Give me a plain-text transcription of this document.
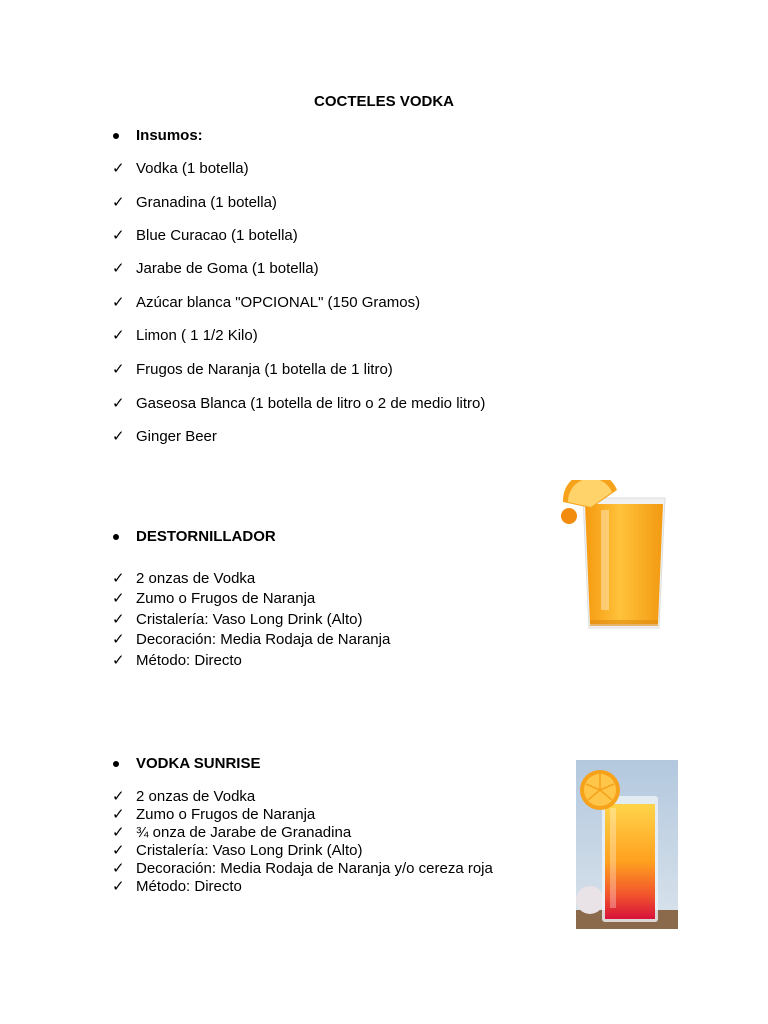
COCTELES VODKA
Insumos:
✓ Vodka (1 botella)
✓ Granadina (1 botella)
✓ Blue Curacao (1 botella)
✓ Jarabe de Goma (1 botella)
✓ Azúcar blanca "OPCIONAL" (150 Gramos)
✓ Limon ( 1 1/2 Kilo)
✓ Frugos de Naranja (1 botella de 1 litro)
✓ Gaseosa Blanca (1 botella de litro o 2 de medio litro)
✓ Ginger Beer
DESTORNILLADOR
✓ 2 onzas de Vodka
✓ Zumo o Frugos de Naranja
✓ Cristalería: Vaso Long Drink (Alto)
✓ Decoración: Media Rodaja de Naranja
✓ Método: Directo
VODKA SUNRISE
✓ 2 onzas de Vodka
✓ Zumo o Frugos de Naranja
✓ ¾ onza de Jarabe de Granadina
✓ Cristalería: Vaso Long Drink (Alto)
✓ Decoración: Media Rodaja de Naranja y/o cereza roja
✓ Método: Directo
